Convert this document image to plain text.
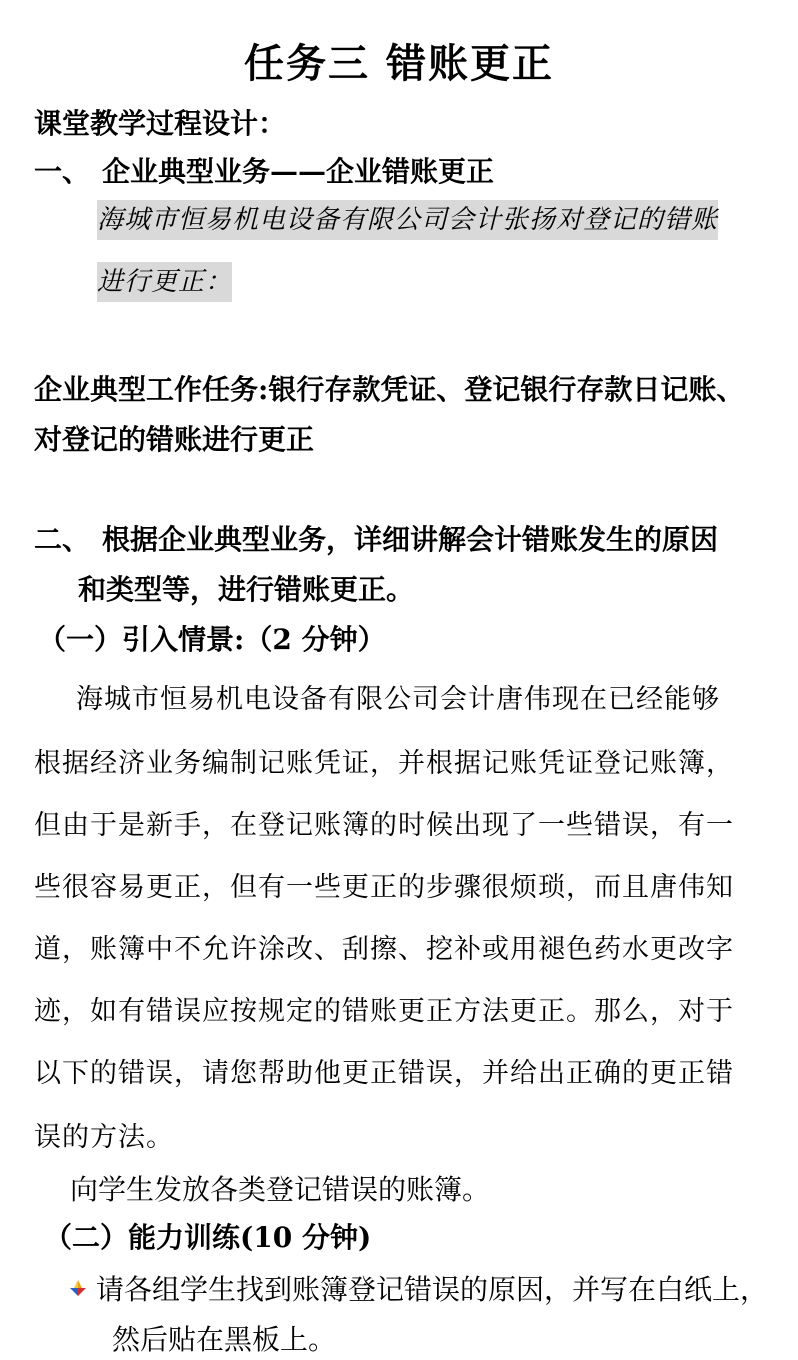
任务三 错账更正
课堂教学过程设计：
一、 企业典型业务——企业错账更正
海城市恒易机电设备有限公司会计张扬对登记的错账
进行更正：
企业典型工作任务:银行存款凭证、登记银行存款日记账、
对登记的错账进行更正
二、 根据企业典型业务，详细讲解会计错账发生的原因
和类型等，进行错账更正。
（一）引入情景:（2 分钟）
海城市恒易机电设备有限公司会计唐伟现在已经能够
根据经济业务编制记账凭证，并根据记账凭证登记账簿，
但由于是新手，在登记账簿的时候出现了一些错误，有一
些很容易更正，但有一些更正的步骤很烦琐，而且唐伟知
道，账簿中不允许涂改、刮擦、挖补或用褪色药水更改字
迹，如有错误应按规定的错账更正方法更正。那么，对于
以下的错误，请您帮助他更正错误，并给出正确的更正错
误的方法。
向学生发放各类登记错误的账簿。
（二）能力训练(10 分钟)
请各组学生找到账簿登记错误的原因，并写在白纸上，
然后贴在黑板上。
